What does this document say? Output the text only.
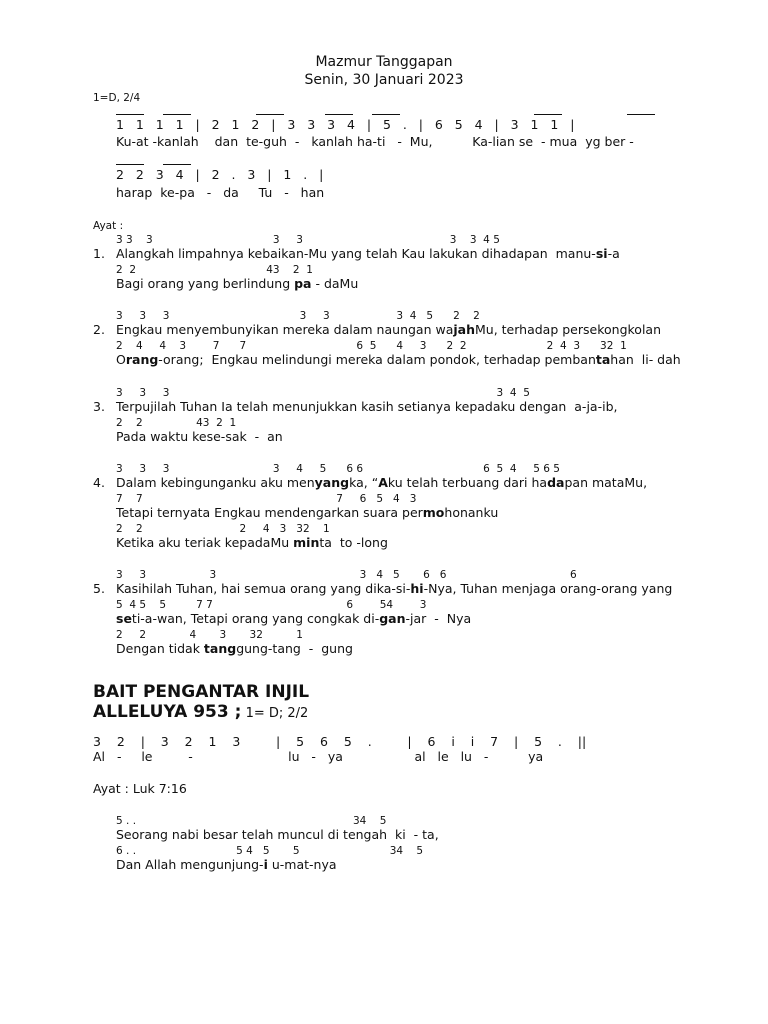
Mazmur Tanggapan
Senin, 30 Januari 2023
1=D, 2/4
1   1   1   1   |   2   1   2   |   3   3   3   4   |   5   .   |   6   5   4   |   3   1   1   |
Ku-at -kanlah    dan  te-guh  -   kanlah ha-ti   -  Mu,          Ka-lian se  - mua  yg ber -
2   2   3   4   |   2   .   3   |   1   .   |
harap  ke-pa   -   da     Tu   -   han
Ayat :
3 3    3                                    3     3                                            3    3  4 5
1. Alangkah limpahnya kebaikan-Mu yang telah Kau lakukan dihadapan  manu-si-a
2  2                                       43    2  1
Bagi orang yang berlindung pa - daMu
3     3     3                                       3     3                    3  4   5      2    2
2. Engkau menyembunyikan mereka dalam naungan wajahMu, terhadap persekongkolan
2    4     4    3        7      7                                 6  5      4     3      2  2                        2  4  3      32  1
Orang-orang;  Engkau melindungi mereka dalam pondok, terhadap pembantahan  li- dah
3     3     3                                                                                                  3  4  5
3. Terpujilah Tuhan Ia telah menunjukkan kasih setianya kepadaku dengan  a-ja-ib,
2    2                43  2  1
Pada waktu kese-sak  -  an
3     3     3                               3     4     5      6 6                                    6  5  4     5 6 5
4. Dalam kebingunganku aku menyangka, “Aku telah terbuang dari hadapan mataMu,
7    7                                                          7     6   5   4   3
Tetapi ternyata Engkau mendengarkan suara permohonanku
2    2                             2     4   3   32    1
Ketika aku teriak kepadaMu minta  to -long
3     3                   3                                           3   4   5       6   6                                     6
5. Kasihilah Tuhan, hai semua orang yang dika-si-hi-Nya, Tuhan menjaga orang-orang yang
5  4 5    5         7 7                                        6        54        3
seti-a-wan, Tetapi orang yang congkak di-gan-jar  -  Nya
2     2             4       3       32          1
Dengan tidak tanggung-tang  -  gung
BAIT PENGANTAR INJIL
ALLELUYA 953 ; 1= D; 2/2
3    2    |    3    2    1    3         |    5    6    5    .         |    6    i    i    7    |    5    .    ||
Al   -     le         -                        lu   -   ya                  al   le   lu   -          ya
Ayat : Luk 7:16
5 . .                                                                 34    5
Seorang nabi besar telah muncul di tengah  ki  - ta,
6 . .                              5 4   5       5                           34    5
Dan Allah mengunjung-i u-mat-nya
